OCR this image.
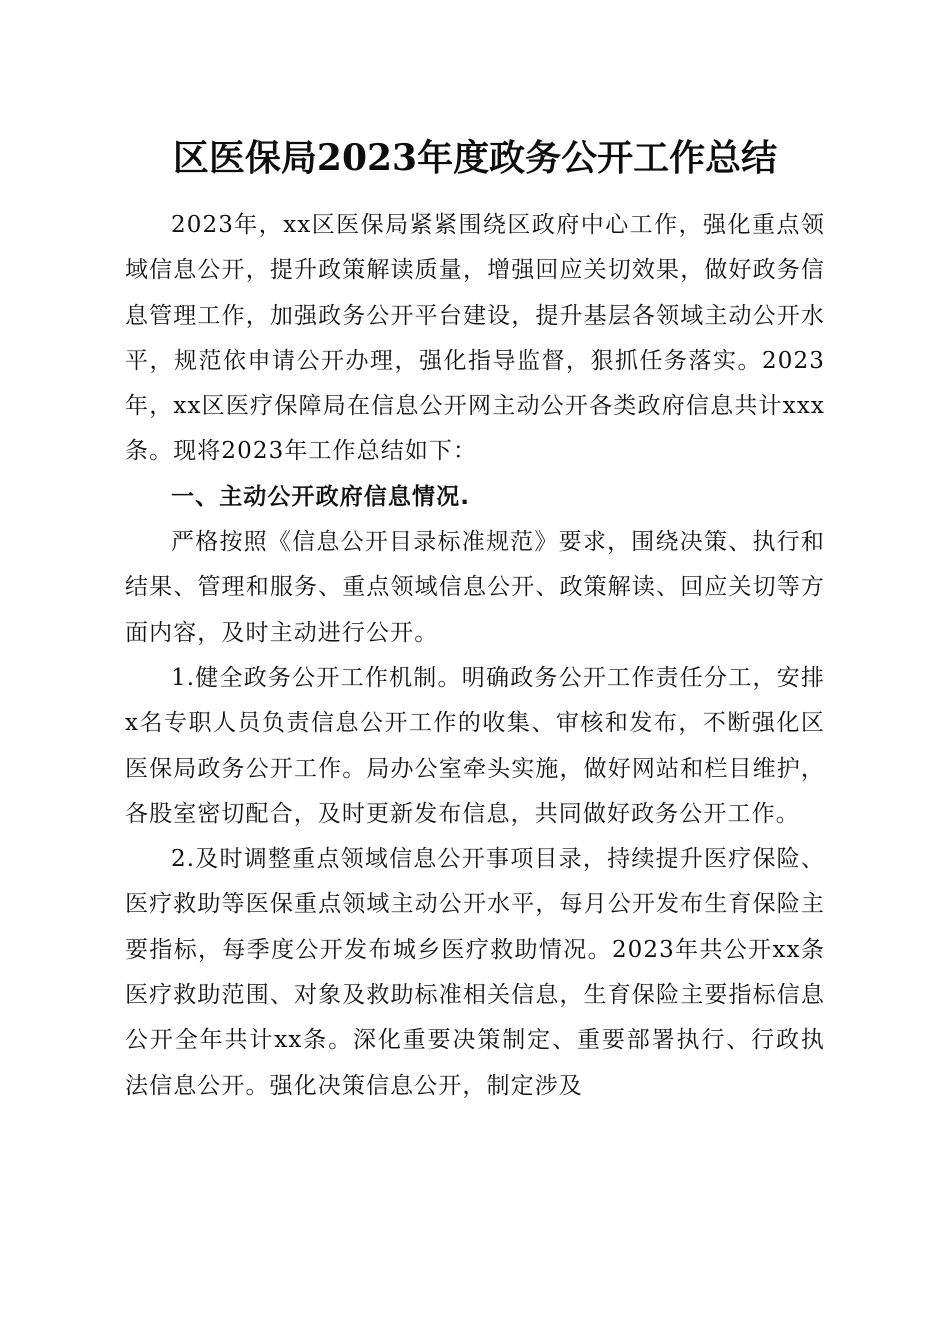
区医保局2023年度政务公开工作总结

2023年，xx区医保局紧紧围绕区政府中心工作，强化重点领域信息公开，提升政策解读质量，增强回应关切效果，做好政务信息管理工作，加强政务公开平台建设，提升基层各领域主动公开水平，规范依申请公开办理，强化指导监督，狠抓任务落实。2023年，xx区医疗保障局在信息公开网主动公开各类政府信息共计xxx条。现将2023年工作总结如下：

一、主动公开政府信息情况.

严格按照《信息公开目录标准规范》要求，围绕决策、执行和结果、管理和服务、重点领域信息公开、政策解读、回应关切等方面内容，及时主动进行公开。

1.健全政务公开工作机制。明确政务公开工作责任分工，安排x名专职人员负责信息公开工作的收集、审核和发布，不断强化区医保局政务公开工作。局办公室牵头实施，做好网站和栏目维护，各股室密切配合，及时更新发布信息，共同做好政务公开工作。

2.及时调整重点领域信息公开事项目录，持续提升医疗保险、医疗救助等医保重点领域主动公开水平，每月公开发布生育保险主要指标，每季度公开发布城乡医疗救助情况。2023年共公开xx条医疗救助范围、对象及救助标准相关信息，生育保险主要指标信息公开全年共计xx条。深化重要决策制定、重要部署执行、行政执法信息公开。强化决策信息公开，制定涉及
